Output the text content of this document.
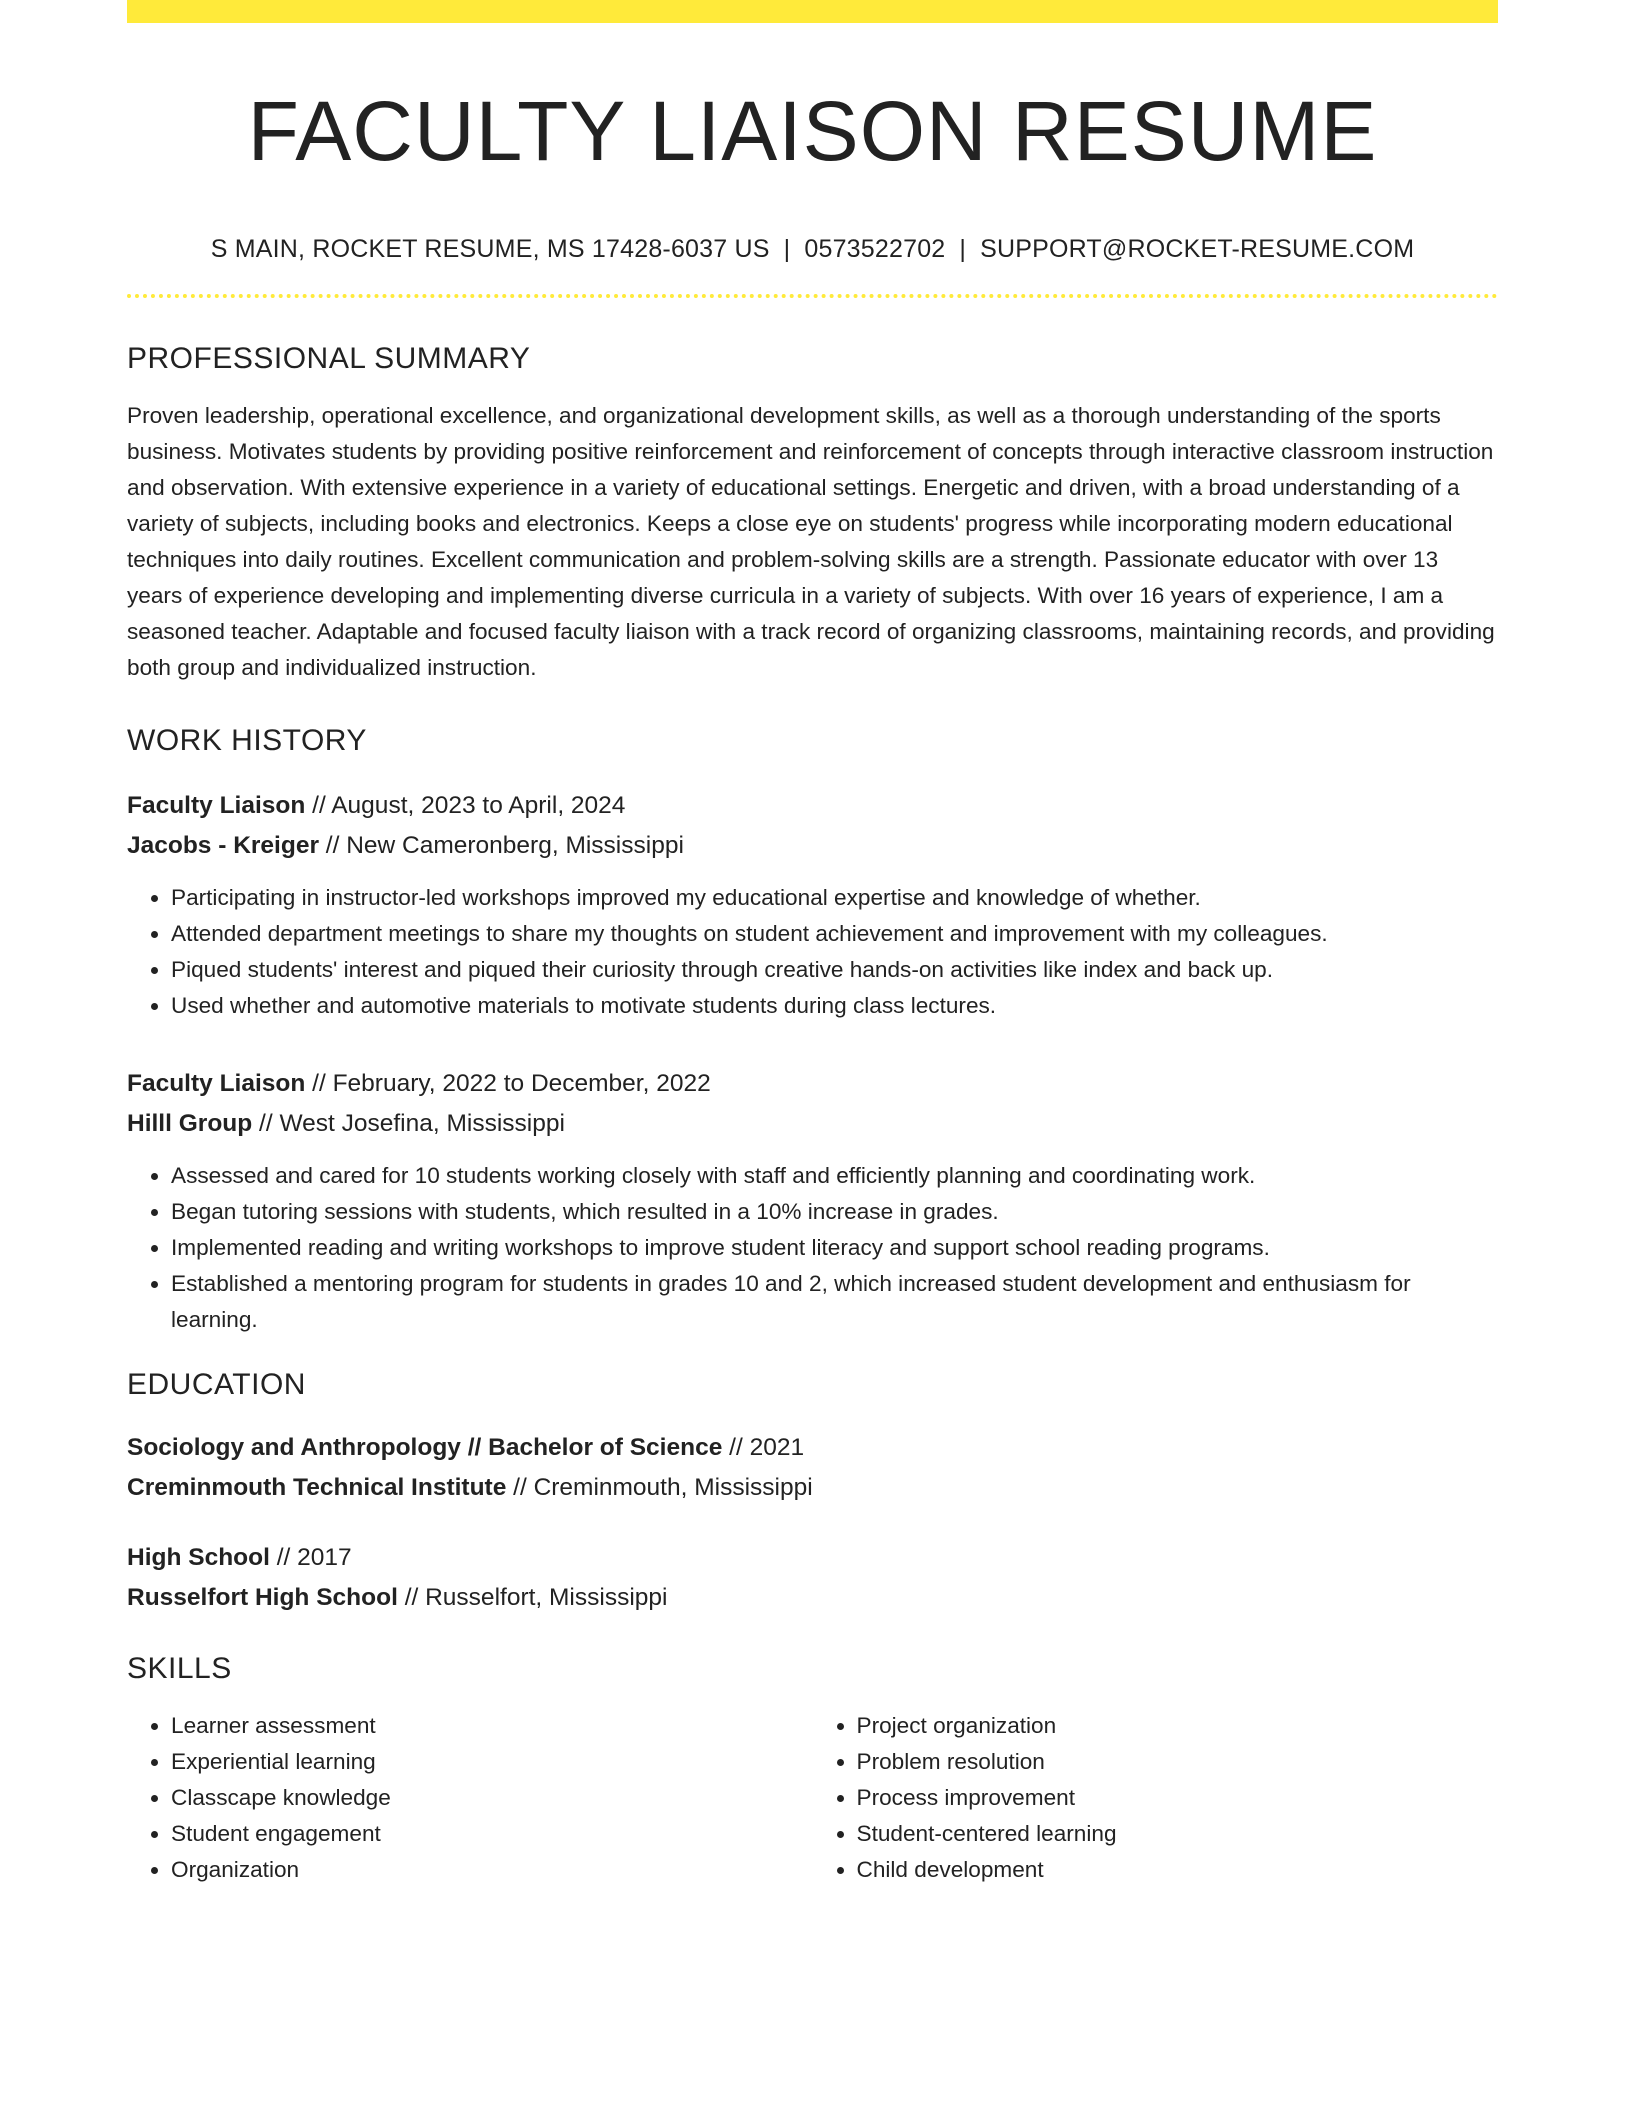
FACULTY LIAISON RESUME
S MAIN, ROCKET RESUME, MS 17428-6037 US | 0573522702 | SUPPORT@ROCKET-RESUME.COM
PROFESSIONAL SUMMARY
Proven leadership, operational excellence, and organizational development skills, as well as a thorough understanding of the sports business. Motivates students by providing positive reinforcement and reinforcement of concepts through interactive classroom instruction and observation. With extensive experience in a variety of educational settings. Energetic and driven, with a broad understanding of a variety of subjects, including books and electronics. Keeps a close eye on students' progress while incorporating modern educational techniques into daily routines. Excellent communication and problem-solving skills are a strength. Passionate educator with over 13 years of experience developing and implementing diverse curricula in a variety of subjects. With over 16 years of experience, I am a seasoned teacher. Adaptable and focused faculty liaison with a track record of organizing classrooms, maintaining records, and providing both group and individualized instruction.
WORK HISTORY
Faculty Liaison // August, 2023 to April, 2024
Jacobs - Kreiger // New Cameronberg, Mississippi
• Participating in instructor-led workshops improved my educational expertise and knowledge of whether.
• Attended department meetings to share my thoughts on student achievement and improvement with my colleagues.
• Piqued students' interest and piqued their curiosity through creative hands-on activities like index and back up.
• Used whether and automotive materials to motivate students during class lectures.
Faculty Liaison // February, 2022 to December, 2022
Hilll Group // West Josefina, Mississippi
• Assessed and cared for 10 students working closely with staff and efficiently planning and coordinating work.
• Began tutoring sessions with students, which resulted in a 10% increase in grades.
• Implemented reading and writing workshops to improve student literacy and support school reading programs.
• Established a mentoring program for students in grades 10 and 2, which increased student development and enthusiasm for learning.
EDUCATION
Sociology and Anthropology // Bachelor of Science // 2021
Creminmouth Technical Institute // Creminmouth, Mississippi
High School // 2017
Russelfort High School // Russelfort, Mississippi
SKILLS
• Learner assessment
• Experiential learning
• Classcape knowledge
• Student engagement
• Organization
• Project organization
• Problem resolution
• Process improvement
• Student-centered learning
• Child development
